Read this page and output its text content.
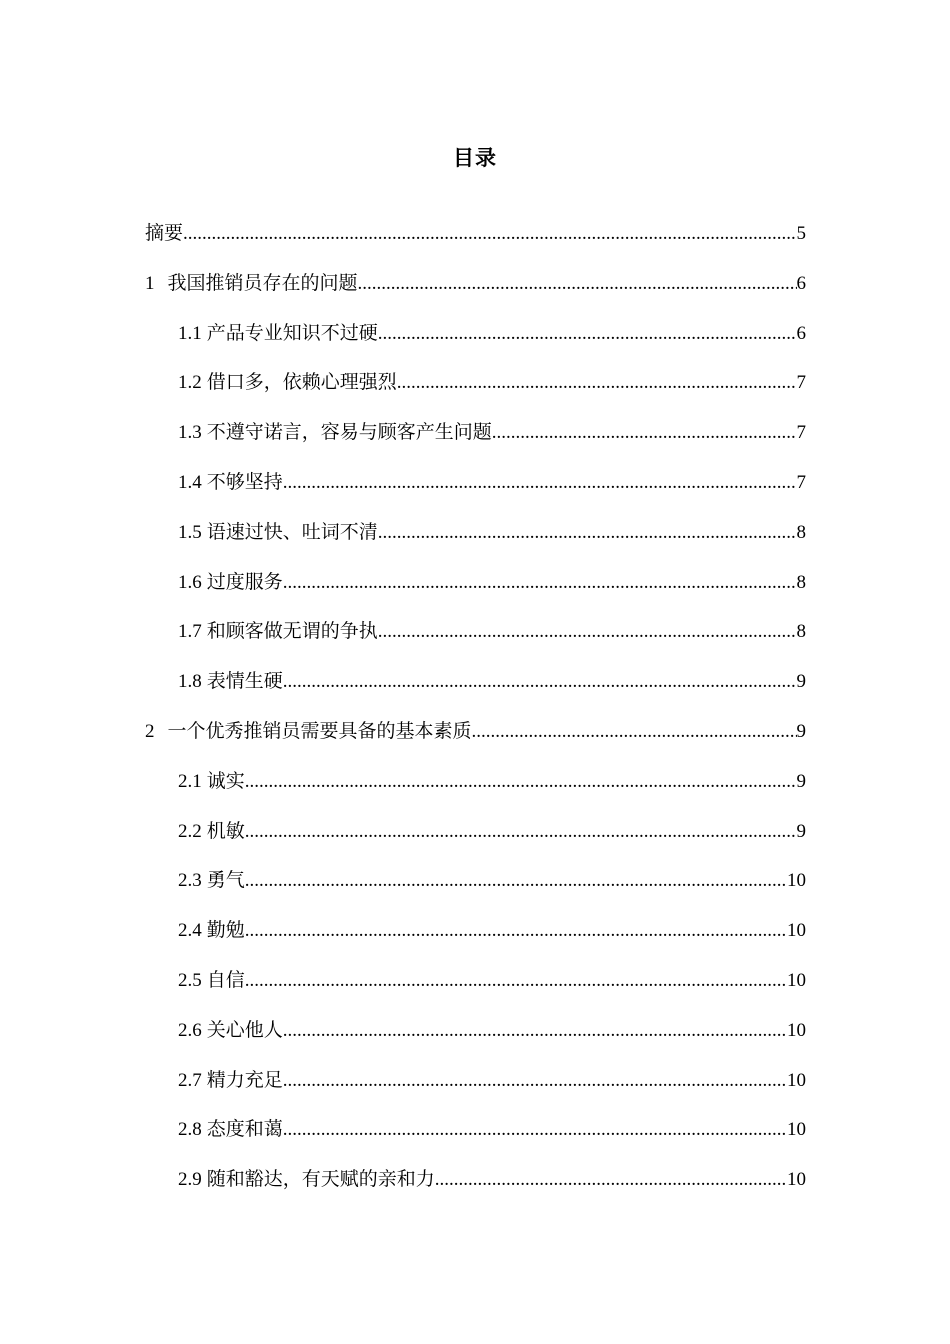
目录
摘要 .....	5
1 我国推销员存在的问题 .....	6
1.1 产品专业知识不过硬 .....	6
1.2 借口多，依赖心理强烈 .....	7
1.3 不遵守诺言，容易与顾客产生问题 .....	7
1.4 不够坚持 .....	7
1.5 语速过快、吐词不清 .....	8
1.6 过度服务 .....	8
1.7 和顾客做无谓的争执 .....	8
1.8 表情生硬 .....	9
2 一个优秀推销员需要具备的基本素质 .....	9
2.1 诚实 .....	9
2.2 机敏 .....	9
2.3 勇气 .....	10
2.4 勤勉 .....	10
2.5 自信 .....	10
2.6 关心他人 .....	10
2.7 精力充足 .....	10
2.8 态度和蔼 .....	10
2.9 随和豁达，有天赋的亲和力 .....	10
